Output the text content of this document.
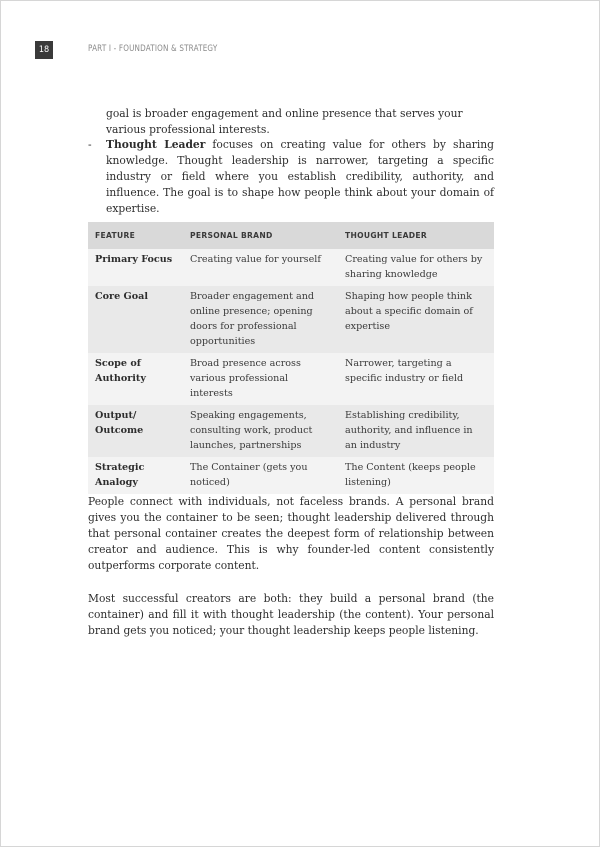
18	PART I - FOUNDATION & STRATEGY
goal is broader engagement and online presence that serves your various professional interests.
- Thought Leader focuses on creating value for others by sharing knowledge. Thought leadership is narrower, targeting a specific industry or field where you establish credibility, authority, and influence. The goal is to shape how people think about your domain of expertise.
FEATURE	PERSONAL BRAND	THOUGHT LEADER
Primary Focus	Creating value for yourself	Creating value for others by sharing knowledge
Core Goal	Broader engagement and online presence; opening doors for professional opportunities	Shaping how people think about a specific domain of expertise
Scope of Authority	Broad presence across various professional interests	Narrower, targeting a specific industry or field
Output/ Outcome	Speaking engagements, consulting work, product launches, partnerships	Establishing credibility, authority, and influence in an industry
Strategic Analogy	The Container (gets you noticed)	The Content (keeps people listening)
People connect with individuals, not faceless brands. A personal brand gives you the container to be seen; thought leadership delivered through that personal container creates the deepest form of relationship between creator and audience. This is why founder-led content consistently outperforms corporate content.
Most successful creators are both: they build a personal brand (the container) and fill it with thought leadership (the content). Your personal brand gets you noticed; your thought leadership keeps people listening.
